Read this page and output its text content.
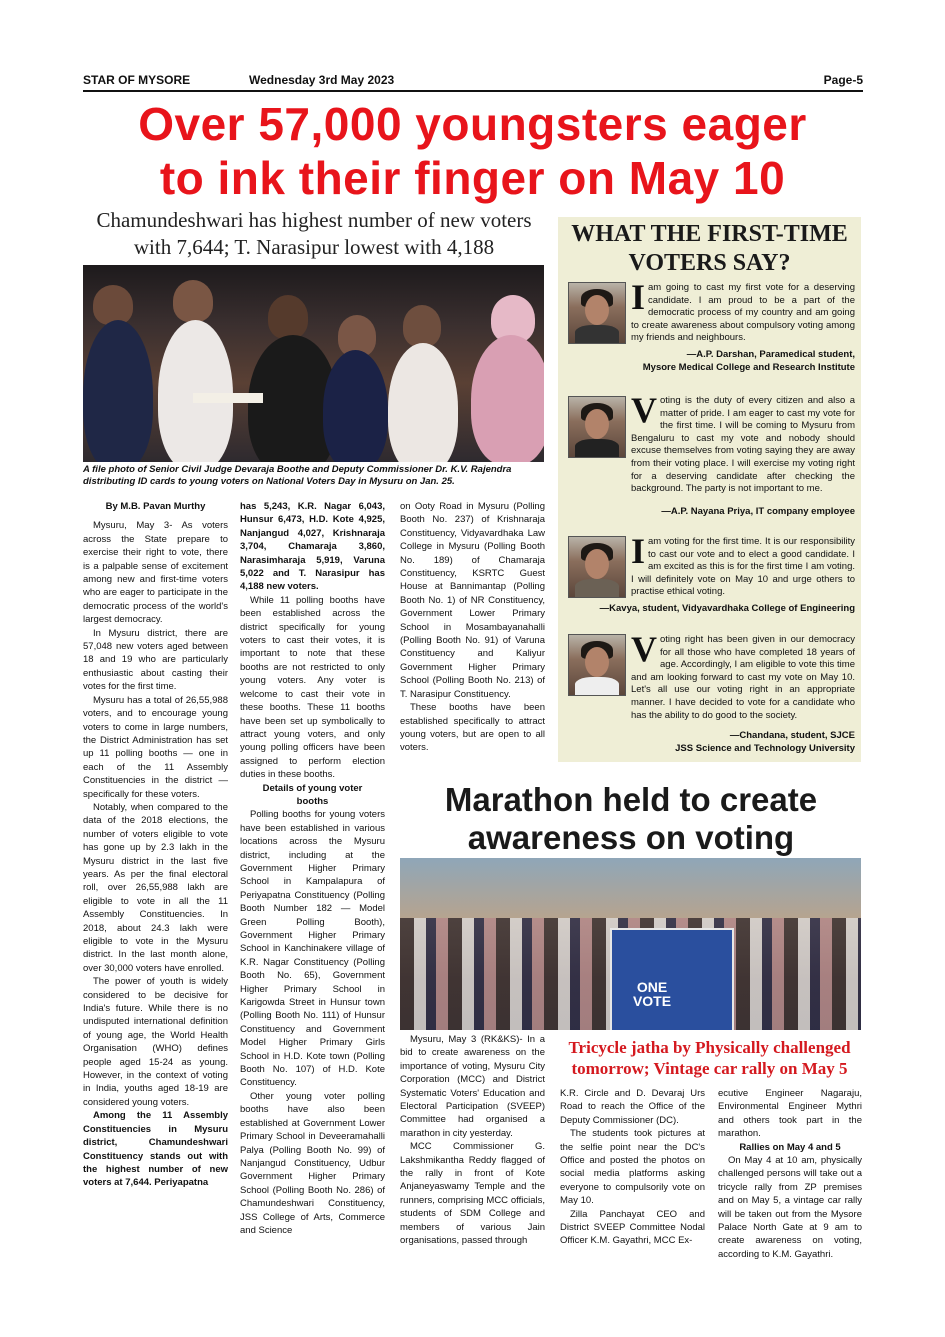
STAR OF MYSORE	Wednesday 3rd May 2023	Page-5
Over 57,000 youngsters eager
to ink their finger on May 10
Chamundeshwari has highest number of new voters
with 7,644; T. Narasipur lowest with 4,188
A file photo of Senior Civil Judge Devaraja Boothe and Deputy Commissioner Dr. K.V. Rajendra distributing ID cards to young voters on National Voters Day in Mysuru on Jan. 25.

By M.B. Pavan Murthy

Mysuru, May 3- As voters across the State prepare to exercise their right to vote, there is a palpable sense of excitement among new and first-time voters who are eager to participate in the democratic process of the world's largest democracy.

In Mysuru district, there are 57,048 new voters aged between 18 and 19 who are particularly enthusiastic about casting their votes for the first time.

Mysuru has a total of 26,55,988 voters, and to encourage young voters to come in large numbers, the District Administration has set up 11 polling booths — one in each of the 11 Assembly Constituencies in the district — specifically for these voters.

Notably, when compared to the data of the 2018 elections, the number of voters eligible to vote has gone up by 2.3 lakh in the Mysuru district in the last five years. As per the final electoral roll, over 26,55,988 lakh are eligible to vote in all the 11 Assembly Constituencies. In 2018, about 24.3 lakh were eligible to vote in the Mysuru district. In the last month alone, over 30,000 voters have enrolled.

The power of youth is widely considered to be decisive for India's future. While there is no undisputed international definition of young age, the World Health Organisation (WHO) defines people aged 15-24 as young. However, in the context of voting in India, youths aged 18-19 are considered young voters.

Among the 11 Assembly Constituencies in Mysuru district, Chamundeshwari Constituency stands out with the highest number of new voters at 7,644. Periyapatna

has 5,243, K.R. Nagar 6,043, Hunsur 6,473, H.D. Kote 4,925, Nanjangud 4,027, Krishnaraja 3,704, Chamaraja 3,860, Narasimharaja 5,919, Varuna 5,022 and T. Narasipur has 4,188 new voters.

While 11 polling booths have been established across the district specifically for young voters to cast their votes, it is important to note that these booths are not restricted to only young voters. Any voter is welcome to cast their vote in these booths. These 11 booths have been set up symbolically to attract young voters, and only young polling officers have been assigned to perform election duties in these booths.

Details of young voter booths

Polling booths for young voters have been established in various locations across the Mysuru district, including at the Government Higher Primary School in Kampalapura of Periyapatna Constituency (Polling Booth Number 182 — Model Green Polling Booth), Government Higher Primary School in Kanchinakere village of K.R. Nagar Constituency (Polling Booth No. 65), Government Higher Primary School in Karigowda Street in Hunsur town (Polling Booth No. 111) of Hunsur Constituency and Government Model Higher Primary Girls School in H.D. Kote town (Polling Booth No. 107) of H.D. Kote Constituency.

Other young voter polling booths have also been established at Government Lower Primary School in Deveeramahalli Palya (Polling Booth No. 99) of Nanjangud Constituency, Udbur Government Higher Primary School (Polling Booth No. 286) of Chamundeshwari Constituency, JSS College of Arts, Commerce and Science

on Ooty Road in Mysuru (Polling Booth No. 237) of Krishnaraja Constituency, Vidyavardhaka Law College in Mysuru (Polling Booth No. 189) of Chamaraja Constituency, KSRTC Guest House at Bannimantap (Polling Booth No. 1) of NR Constituency, Government Lower Primary School in Mosambayanahalli (Polling Booth No. 91) of Varuna Constituency and Kaliyur Government Higher Primary School (Polling Booth No. 213) of T. Narasipur Constituency.

These booths have been established specifically to attract young voters, but are open to all voters.

WHAT THE FIRST-TIME
VOTERS SAY?
Iam going to cast my first vote for a deserving candidate. I am proud to be a part of the democratic process of my country and am going to create awareness about compulsory voting among my friends and neighbours.
—A.P. Darshan, Paramedical student,
Mysore Medical College and Research Institute
Voting is the duty of every citizen and also a matter of pride. I am eager to cast my vote for the first time. I will be coming to Mysuru from Bengaluru to cast my vote and nobody should excuse themselves from voting saying they are away from their voting place. I will exercise my voting right for a deserving candidate after checking the background. The party is not important to me.
—A.P. Nayana Priya, IT company employee
Iam voting for the first time. It is our responsibility to cast our vote and to elect a good candidate. I am excited as this is for the first time I am voting. I will definitely vote on May 10 and urge others to practise ethical voting.
—Kavya, student, Vidyavardhaka College of Engineering
Voting right has been given in our democracy for all those who have completed 18 years of age. Accordingly, I am eligible to vote this time and am looking forward to cast my vote on May 10. Let's all use our voting right in an appropriate manner. I have decided to vote for a candidate who has the ability to do good to the society.
—Chandana, student, SJCE
JSS Science and Technology University
Marathon held to create
awareness on voting
ONE
VOTE
Tricycle jatha by Physically challenged
tomorrow; Vintage car rally on May 5

Mysuru, May 3 (RK&KS)- In a bid to create awareness on the importance of voting, Mysuru City Corporation (MCC) and District Systematic Voters' Education and Electoral Participation (SVEEP) Committee had organised a marathon in city yesterday.

MCC Commissioner G. Lakshmikantha Reddy flagged of the rally in front of Kote Anjaneyaswamy Temple and the runners, comprising MCC officials, students of SDM College and members of various Jain organisations, passed through

K.R. Circle and D. Devaraj Urs Road to reach the Office of the Deputy Commissioner (DC).

The students took pictures at the selfie point near the DC's Office and posted the photos on social media platforms asking everyone to compulsorily vote on May 10.

Zilla Panchayat CEO and District SVEEP Committee Nodal Officer K.M. Gayathri, MCC Ex-

ecutive Engineer Nagaraju, Environmental Engineer Mythri and others took part in the marathon.

Rallies on May 4 and 5

On May 4 at 10 am, physically challenged persons will take out a tricycle rally from ZP premises and on May 5, a vintage car rally will be taken out from the Mysore Palace North Gate at 9 am to create awareness on voting, according to K.M. Gayathri.
